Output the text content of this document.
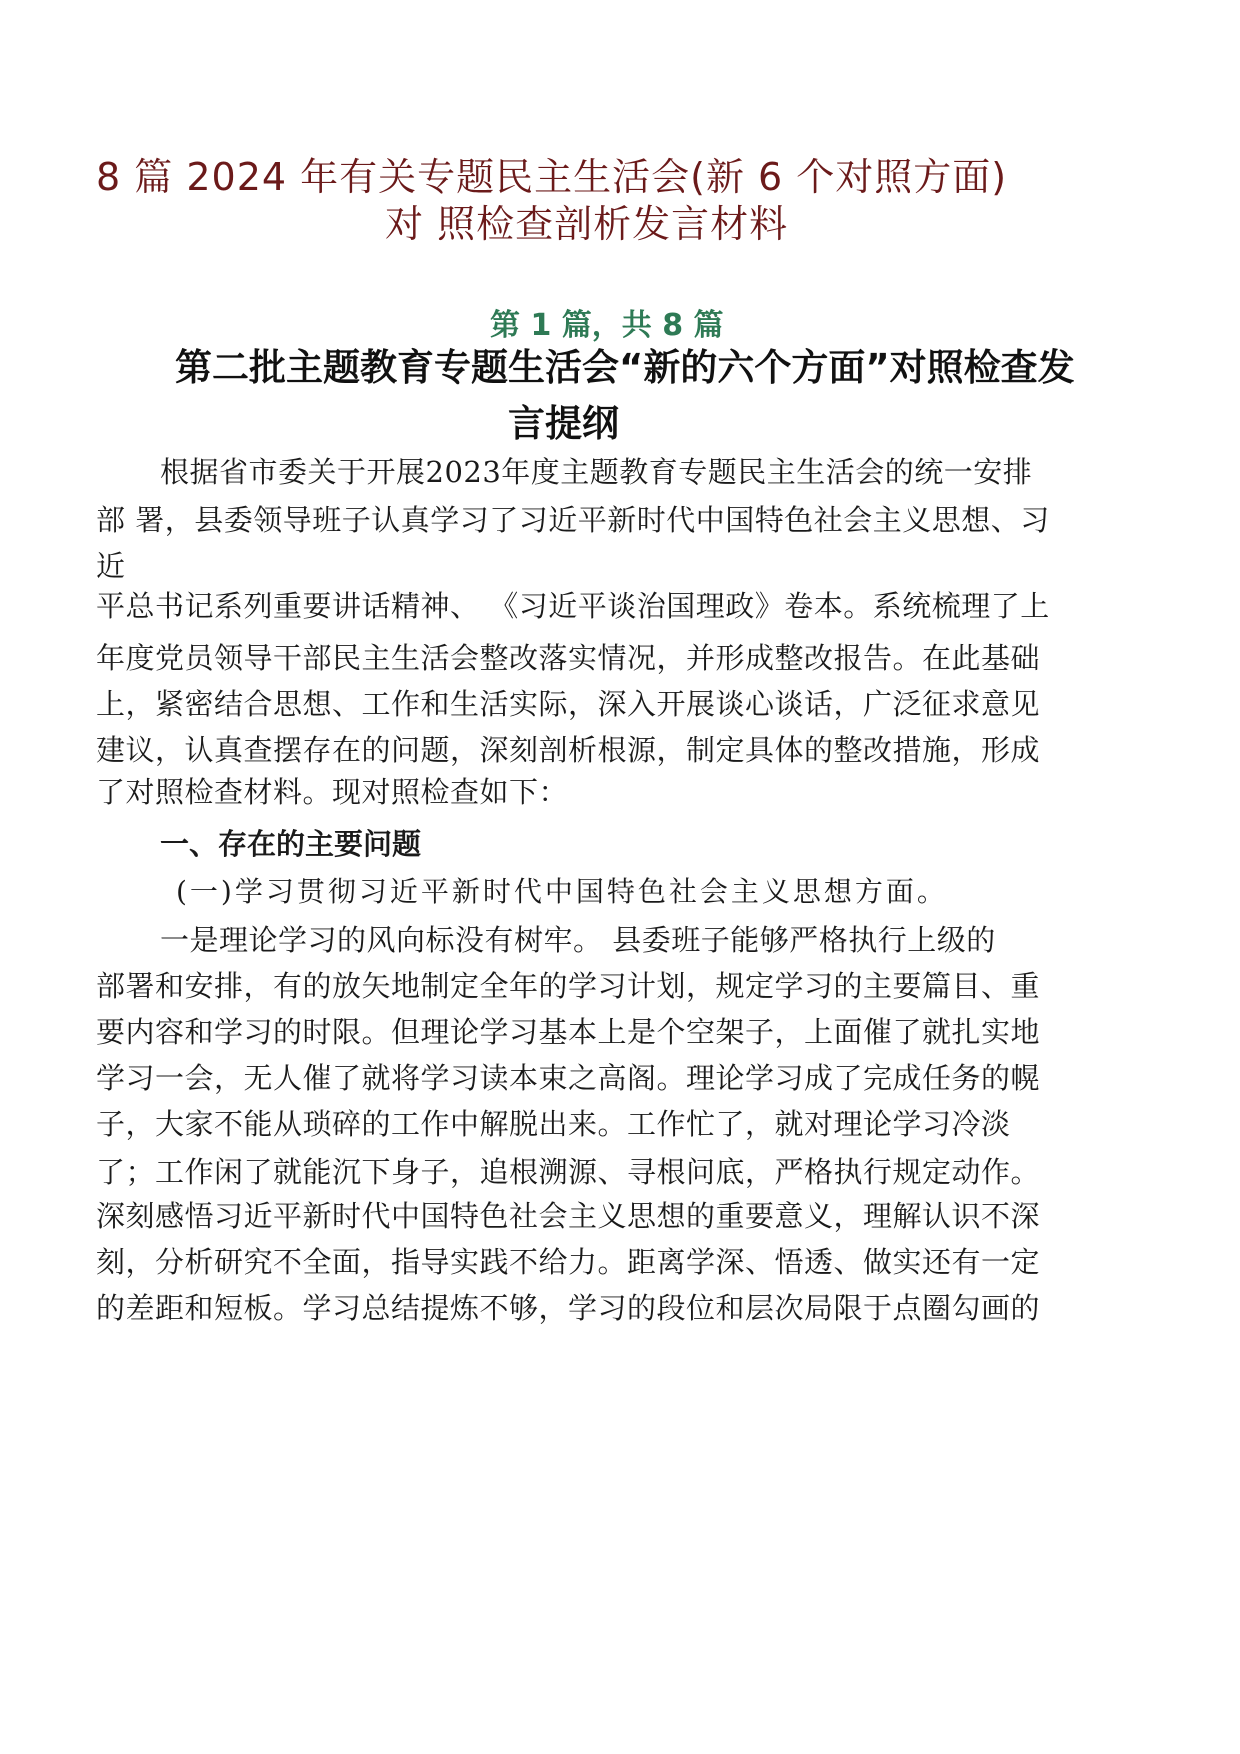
8 篇 2024 年有关专题民主生活会(新 6 个对照方面)
对 照检查剖析发言材料
第 1 篇，共 8 篇
第二批主题教育专题生活会“新的六个方面”对照检查发
言提纲
根据省市委关于开展2023年度主题教育专题民主生活会的统一安排
部 署，县委领导班子认真学习了习近平新时代中国特色社会主义思想、习
近
平总书记系列重要讲话精神、 《习近平谈治国理政》卷本。系统梳理了上
年度党员领导干部民主生活会整改落实情况，并形成整改报告。在此基础
上，紧密结合思想、工作和生活实际，深入开展谈心谈话，广泛征求意见
建议，认真查摆存在的问题，深刻剖析根源，制定具体的整改措施，形成
了对照检查材料。现对照检查如下：
一、存在的主要问题
(一)学习贯彻习近平新时代中国特色社会主义思想方面。
一是理论学习的风向标没有树牢。 县委班子能够严格执行上级的
部署和安排，有的放矢地制定全年的学习计划，规定学习的主要篇目、重
要内容和学习的时限。但理论学习基本上是个空架子，上面催了就扎实地
学习一会，无人催了就将学习读本束之高阁。理论学习成了完成任务的幌
子，大家不能从琐碎的工作中解脱出来。工作忙了，就对理论学习冷淡
了；工作闲了就能沉下身子，追根溯源、寻根问底，严格执行规定动作。
深刻感悟习近平新时代中国特色社会主义思想的重要意义，理解认识不深
刻，分析研究不全面，指导实践不给力。距离学深、悟透、做实还有一定
的差距和短板。学习总结提炼不够，学习的段位和层次局限于点圈勾画的
